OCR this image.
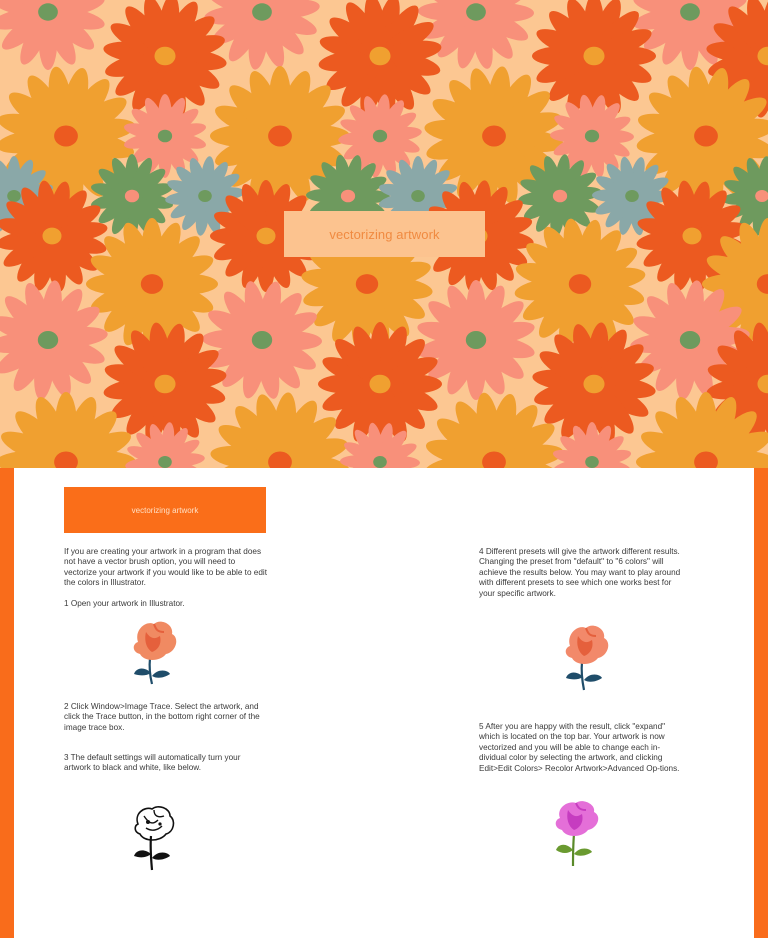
vectorizing artwork
vectorizing artwork
If you are creating your artwork in a program that does not have a vector brush option, you will need to vectorize your artwork if you would like to be able to edit the colors in Illustrator.
1 Open your artwork in Illustrator.
2 Click Window>Image Trace. Select the artwork, and click the Trace button, in the bottom right corner of the image trace box.
3 The default settings will automatically turn your artwork to black and white, like below.
4 Different presets will give the artwork different results. Changing the preset from "default" to "6 colors" will achieve the results below. You may want to play around with different presets to see which one works best for your specific artwork.
5 After you are happy with the result, click "expand" which is located on the top bar. Your artwork is now vectorized and you will be able to change each in-dividual color by selecting the artwork, and clicking Edit>Edit Colors> Recolor Artwork>Advanced Op-tions.
